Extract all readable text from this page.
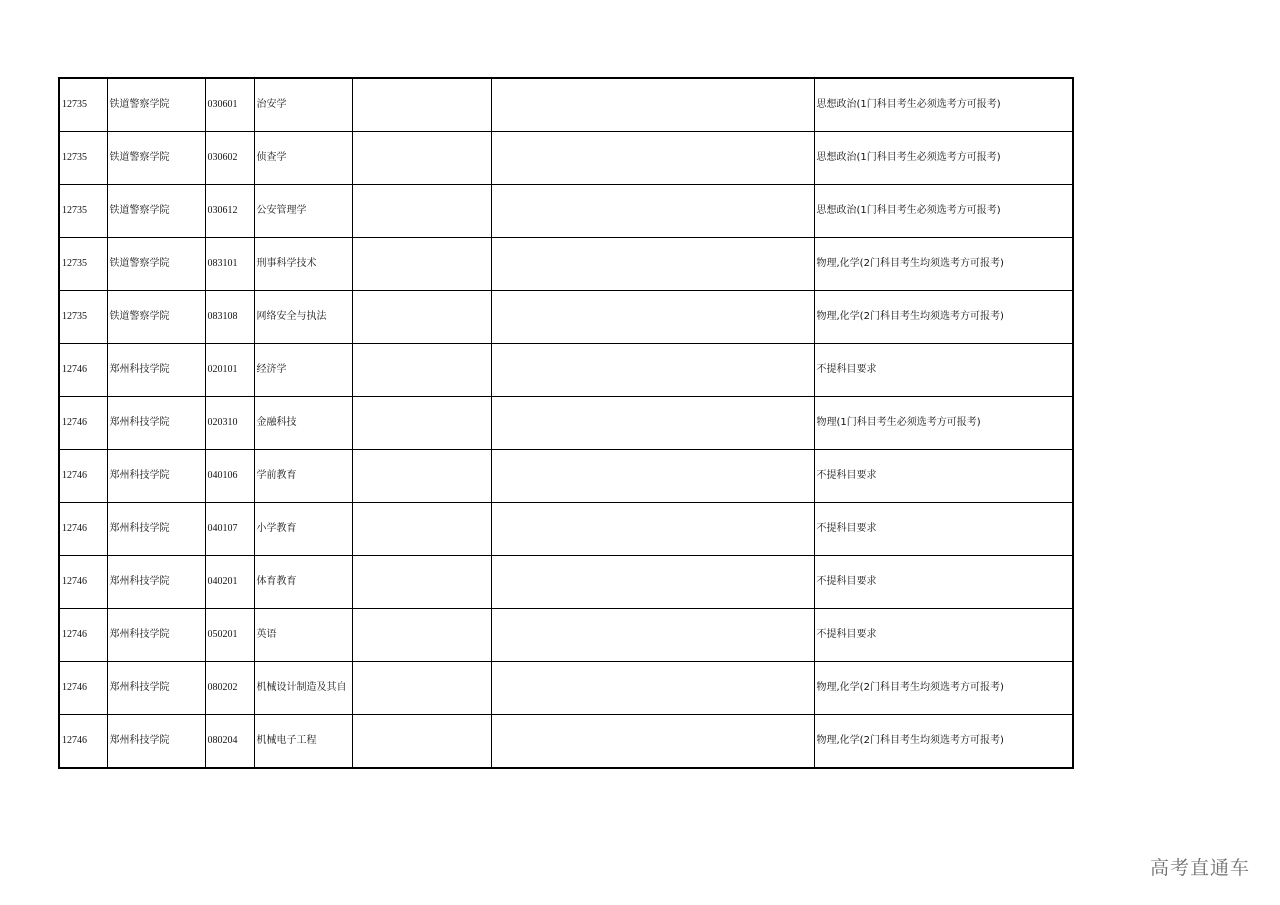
12735	铁道警察学院	030601	治安学			思想政治(1门科目考生必须选考方可报考)
12735	铁道警察学院	030602	侦查学			思想政治(1门科目考生必须选考方可报考)
12735	铁道警察学院	030612	公安管理学			思想政治(1门科目考生必须选考方可报考)
12735	铁道警察学院	083101	刑事科学技术			物理,化学(2门科目考生均须选考方可报考)
12735	铁道警察学院	083108	网络安全与执法			物理,化学(2门科目考生均须选考方可报考)
12746	郑州科技学院	020101	经济学			不提科目要求
12746	郑州科技学院	020310	金融科技			物理(1门科目考生必须选考方可报考)
12746	郑州科技学院	040106	学前教育			不提科目要求
12746	郑州科技学院	040107	小学教育			不提科目要求
12746	郑州科技学院	040201	体育教育			不提科目要求
12746	郑州科技学院	050201	英语			不提科目要求
12746	郑州科技学院	080202	机械设计制造及其自			物理,化学(2门科目考生均须选考方可报考)
12746	郑州科技学院	080204	机械电子工程			物理,化学(2门科目考生均须选考方可报考)
高考直通车
